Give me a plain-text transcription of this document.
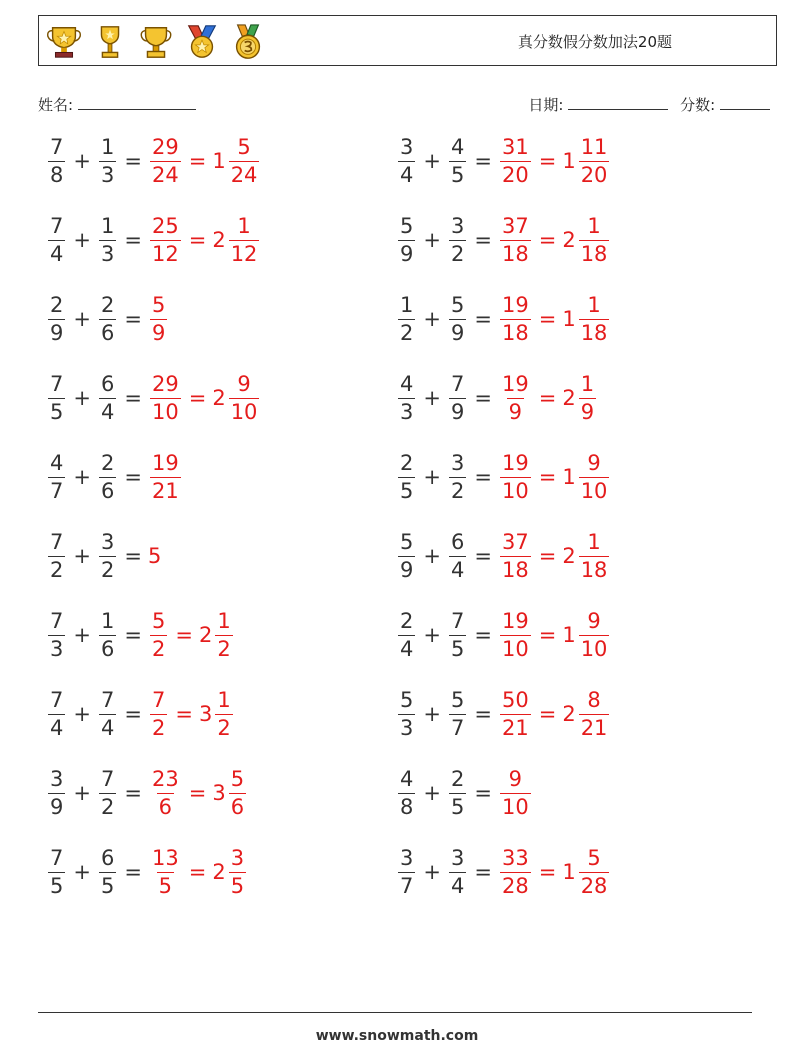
真分数假分数加法20题
姓名:	日期:	分数:
$\frac{7}{8} + \frac{1}{3} = \frac{29}{24} = 1 \frac{5}{24}$
$\frac{7}{4} + \frac{1}{3} = \frac{25}{12} = 2 \frac{1}{12}$
$\frac{2}{9} + \frac{2}{6} = \frac{5}{9}$
$\frac{7}{5} + \frac{6}{4} = \frac{29}{10} = 2 \frac{9}{10}$
$\frac{4}{7} + \frac{2}{6} = \frac{19}{21}$
$\frac{7}{2} + \frac{3}{2} = 5$
$\frac{7}{3} + \frac{1}{6} = \frac{5}{2} = 2 \frac{1}{2}$
$\frac{7}{4} + \frac{7}{4} = \frac{7}{2} = 3 \frac{1}{2}$
$\frac{3}{9} + \frac{7}{2} = \frac{23}{6} = 3 \frac{5}{6}$
$\frac{7}{5} + \frac{6}{5} = \frac{13}{5} = 2 \frac{3}{5}$
$\frac{3}{4} + \frac{4}{5} = \frac{31}{20} = 1 \frac{11}{20}$
$\frac{5}{9} + \frac{3}{2} = \frac{37}{18} = 2 \frac{1}{18}$
$\frac{1}{2} + \frac{5}{9} = \frac{19}{18} = 1 \frac{1}{18}$
$\frac{4}{3} + \frac{7}{9} = \frac{19}{9} = 2 \frac{1}{9}$
$\frac{2}{5} + \frac{3}{2} = \frac{19}{10} = 1 \frac{9}{10}$
$\frac{5}{9} + \frac{6}{4} = \frac{37}{18} = 2 \frac{1}{18}$
$\frac{2}{4} + \frac{7}{5} = \frac{19}{10} = 1 \frac{9}{10}$
$\frac{5}{3} + \frac{5}{7} = \frac{50}{21} = 2 \frac{8}{21}$
$\frac{4}{8} + \frac{2}{5} = \frac{9}{10}$
$\frac{3}{7} + \frac{3}{4} = \frac{33}{28} = 1 \frac{5}{28}$
www.snowmath.com
